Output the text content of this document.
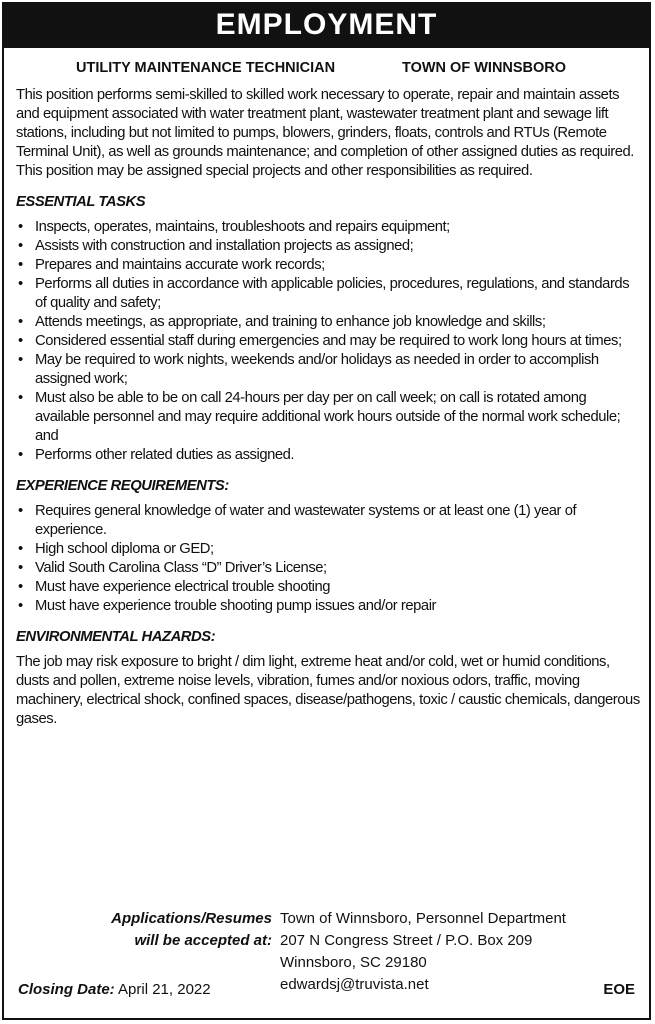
EMPLOYMENT
UTILITY MAINTENANCE TECHNICIAN	TOWN OF WINNSBORO

This position performs semi-skilled to skilled work necessary to operate, repair and maintain assets and equipment associated with water treatment plant, wastewater treatment plant and sewage lift stations, including but not limited to pumps, blowers, grinders, floats, controls and RTUs (Remote Terminal Unit), as well as grounds maintenance; and completion of other assigned duties as required. This position may be assigned special projects and other responsibilities as required.

ESSENTIAL TASKS
• Inspects, operates, maintains, troubleshoots and repairs equipment;
• Assists with construction and installation projects as assigned;
• Prepares and maintains accurate work records;
• Performs all duties in accordance with applicable policies, procedures, regulations, and standards of quality and safety;
• Attends meetings, as appropriate, and training to enhance job knowledge and skills;
• Considered essential staff during emergencies and may be required to work long hours at times;
• May be required to work nights, weekends and/or holidays as needed in order to accomplish assigned work;
• Must also be able to be on call 24-hours per day per on call week; on call is rotated among available personnel and may require additional work hours outside of the normal work schedule; and
• Performs other related duties as assigned.
EXPERIENCE REQUIREMENTS:
• Requires general knowledge of water and wastewater systems or at least one (1) year of experience.
• High school diploma or GED;
• Valid South Carolina Class “D” Driver’s License;
• Must have experience electrical trouble shooting
• Must have experience trouble shooting pump issues and/or repair
ENVIRONMENTAL HAZARDS:

The job may risk exposure to bright / dim light, extreme heat and/or cold, wet or humid conditions, dusts and pollen, extreme noise levels, vibration, fumes and/or noxious odors, traffic, moving machinery, electrical shock, confined spaces, disease/pathogens, toxic / caustic chemicals, dangerous gases.

Applications/Resumes
will be accepted at:
Town of Winnsboro, Personnel Department
207 N Congress Street / P.O. Box 209
Winnsboro, SC 29180
edwardsj@truvista.net
Closing Date: April 21, 2022	EOE
